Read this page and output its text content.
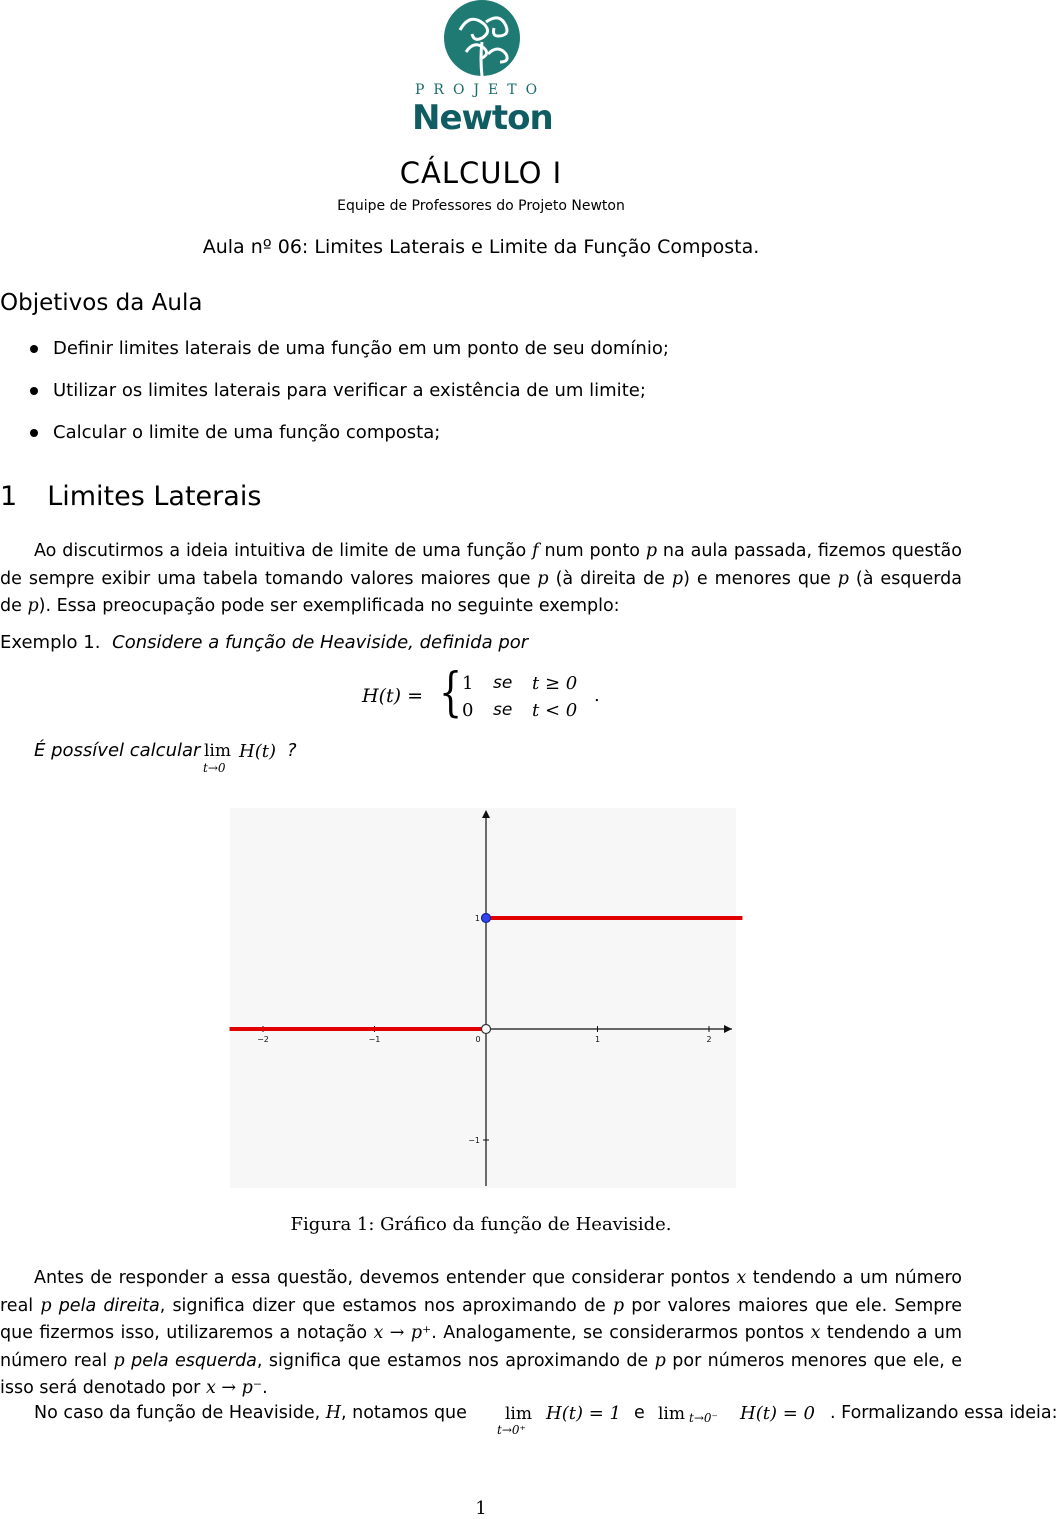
PROJETO
Newton
CÁLCULO I
Equipe de Professores do Projeto Newton
Aula nº 06: Limites Laterais e Limite da Função Composta.
Objetivos da Aula
Definir limites laterais de uma função em um ponto de seu domínio;
Utilizar os limites laterais para verificar a existência de um limite;
Calcular o limite de uma função composta;
1 Limites Laterais
Ao discutirmos a ideia intuitiva de limite de uma função f num ponto p na aula passada, fizemos questão de sempre exibir uma tabela tomando valores maiores que p (à direita de p) e menores que p (à esquerda de p). Essa preocupação pode ser exemplificada no seguinte exemplo:
Exemplo 1. Considere a função de Heaviside, definida por
H(t) = { 1 se t ≥ 0
0 se t < 0
.
É possível calcular lim
t→0
H(t) ?
−2	−1	0	1	2
1
−1
Figura 1: Gráfico da função de Heaviside.
Antes de responder a essa questão, devemos entender que considerar pontos x tendendo a um número real p pela direita, significa dizer que estamos nos aproximando de p por valores maiores que ele. Sempre que fizermos isso, utilizaremos a notação x → p⁺. Analogamente, se considerarmos pontos x tendendo a um número real p pela esquerda, significa que estamos nos aproximando de p por números menores que ele, e isso será denotado por x → p⁻.
No caso da função de Heaviside, H, notamos que lim
t→0⁺
H(t) = 1 e lim t→0⁻ H(t) = 0 . Formalizando essa ideia:
1
